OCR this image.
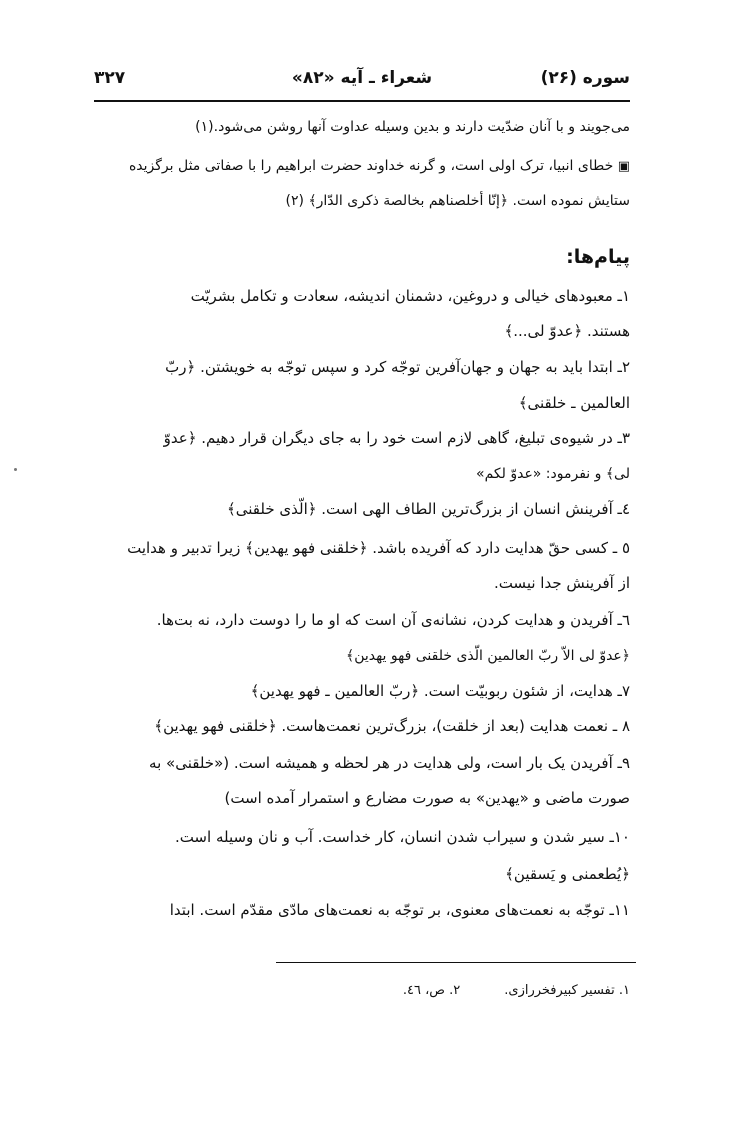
سوره (۲۶)
شعراء ـ آیه «۸۲»
۳۲۷
می‌جویند و با آنان ضدّیت دارند و بدین وسیله عداوت آنها روشن می‌شود.(۱)
▣ خطای انبیا، ترک اولی است، و گرنه خداوند حضرت ابراهیم را با صفاتی مثل برگزیده
ستایش نموده است. ﴿إنّا أخلصناهم بخالصة ذکری الدّار﴾ (۲)
پیام‌ها:
۱ـ معبودهای خیالی و دروغین، دشمنان اندیشه، سعادت و تکامل بشریّت
هستند. ﴿عدوّ لی...﴾
۲ـ ابتدا باید به جهان و جهان‌آفرین توجّه کرد و سپس توجّه به خویشتن. ﴿ربّ
العالمین ـ خلقنی﴾
۳ـ در شیوه‌ی تبلیغ، گاهی لازم است خود را به جای دیگران قرار دهیم. ﴿عدوّ
لی﴾ و نفرمود: «عدوّ لکم»
٤ـ آفرینش انسان از بزرگ‌ترین الطاف الهی است. ﴿الّذی خلقنی﴾
٥ ـ کسی حقّ هدایت دارد که آفریده باشد. ﴿خلقنی فهو یهدین﴾ زیرا تدبیر و هدایت
از آفرینش جدا نیست.
٦ـ آفریدن و هدایت کردن، نشانه‌ی آن است که او ما را دوست دارد، نه بت‌ها.
﴿عدوّ لی الاّ ربّ العالمین الّذی خلقنی فهو یهدین﴾
۷ـ هدایت، از شئون ربوبیّت است. ﴿ربّ العالمین ـ فهو یهدین﴾
۸ ـ نعمت هدایت (بعد از خلقت)، بزرگ‌ترین نعمت‌هاست. ﴿خلقنی فهو یهدین﴾
۹ـ آفریدن یک بار است، ولی هدایت در هر لحظه و همیشه است. («خلقنی» به
صورت ماضی و «یهدین» به صورت مضارع و استمرار آمده است)
۱۰ـ سیر شدن و سیراب شدن انسان، کار خداست. آب و نان وسیله است.
﴿یُطعمنی و یَسقین﴾
۱۱ـ توجّه به نعمت‌های معنوی، بر توجّه به نعمت‌های مادّی مقدّم است. ابتدا
۱. تفسیر کبیرفخررازی.۲. ص، ٤٦.
